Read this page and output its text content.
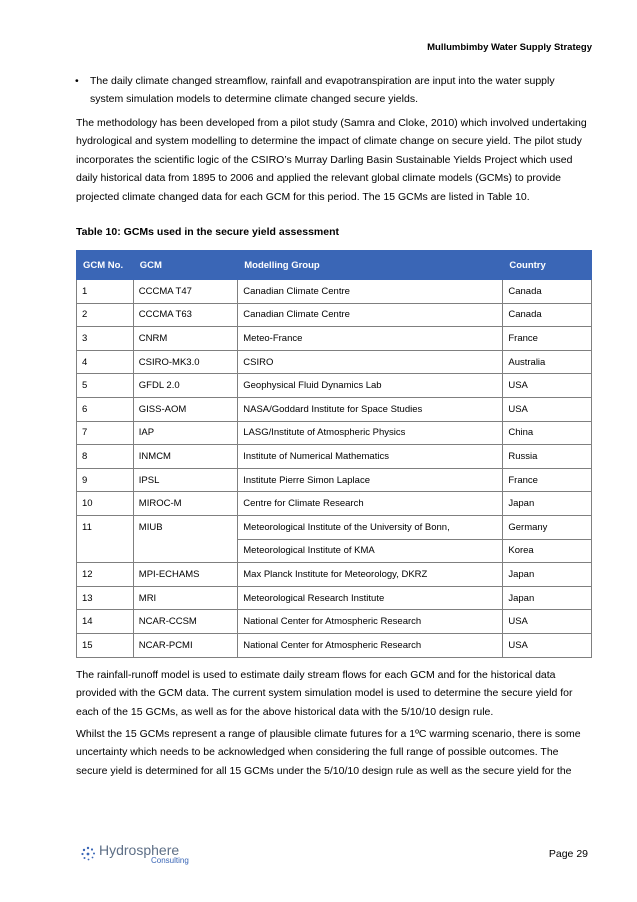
Mullumbimby Water Supply Strategy
• The daily climate changed streamflow, rainfall and evapotranspiration are input into the water supply system simulation models to determine climate changed secure yields.
The methodology has been developed from a pilot study (Samra and Cloke, 2010) which involved undertaking hydrological and system modelling to determine the impact of climate change on secure yield. The pilot study incorporates the scientific logic of the CSIRO’s Murray Darling Basin Sustainable Yields Project which used daily historical data from 1895 to 2006 and applied the relevant global climate models (GCMs) to provide projected climate changed data for each GCM for this period. The 15 GCMs are listed in Table 10.
Table 10: GCMs used in the secure yield assessment
GCM No.	GCM	Modelling Group	Country
1	CCCMA T47	Canadian Climate Centre	Canada
2	CCCMA T63	Canadian Climate Centre	Canada
3	CNRM	Meteo-France	France
4	CSIRO-MK3.0	CSIRO	Australia
5	GFDL 2.0	Geophysical Fluid Dynamics Lab	USA
6	GISS-AOM	NASA/Goddard Institute for Space Studies	USA
7	IAP	LASG/Institute of Atmospheric Physics	China
8	INMCM	Institute of Numerical Mathematics	Russia
9	IPSL	Institute Pierre Simon Laplace	France
10	MIROC-M	Centre for Climate Research	Japan
11	MIUB	Meteorological Institute of the University of Bonn,	Germany
		Meteorological Institute of KMA	Korea
12	MPI-ECHAMS	Max Planck Institute for Meteorology, DKRZ	Japan
13	MRI	Meteorological Research Institute	Japan
14	NCAR-CCSM	National Center for Atmospheric Research	USA
15	NCAR-PCMI	National Center for Atmospheric Research	USA
The rainfall-runoff model is used to estimate daily stream flows for each GCM and for the historical data provided with the GCM data. The current system simulation model is used to determine the secure yield for each of the 15 GCMs, as well as for the above historical data with the 5/10/10 design rule.
Whilst the 15 GCMs represent a range of plausible climate futures for a 1ºC warming scenario, there is some uncertainty which needs to be acknowledged when considering the full range of possible outcomes. The secure yield is determined for all 15 GCMs under the 5/10/10 design rule as well as the secure yield for the
Hydrosphere
Consulting
Page 29
